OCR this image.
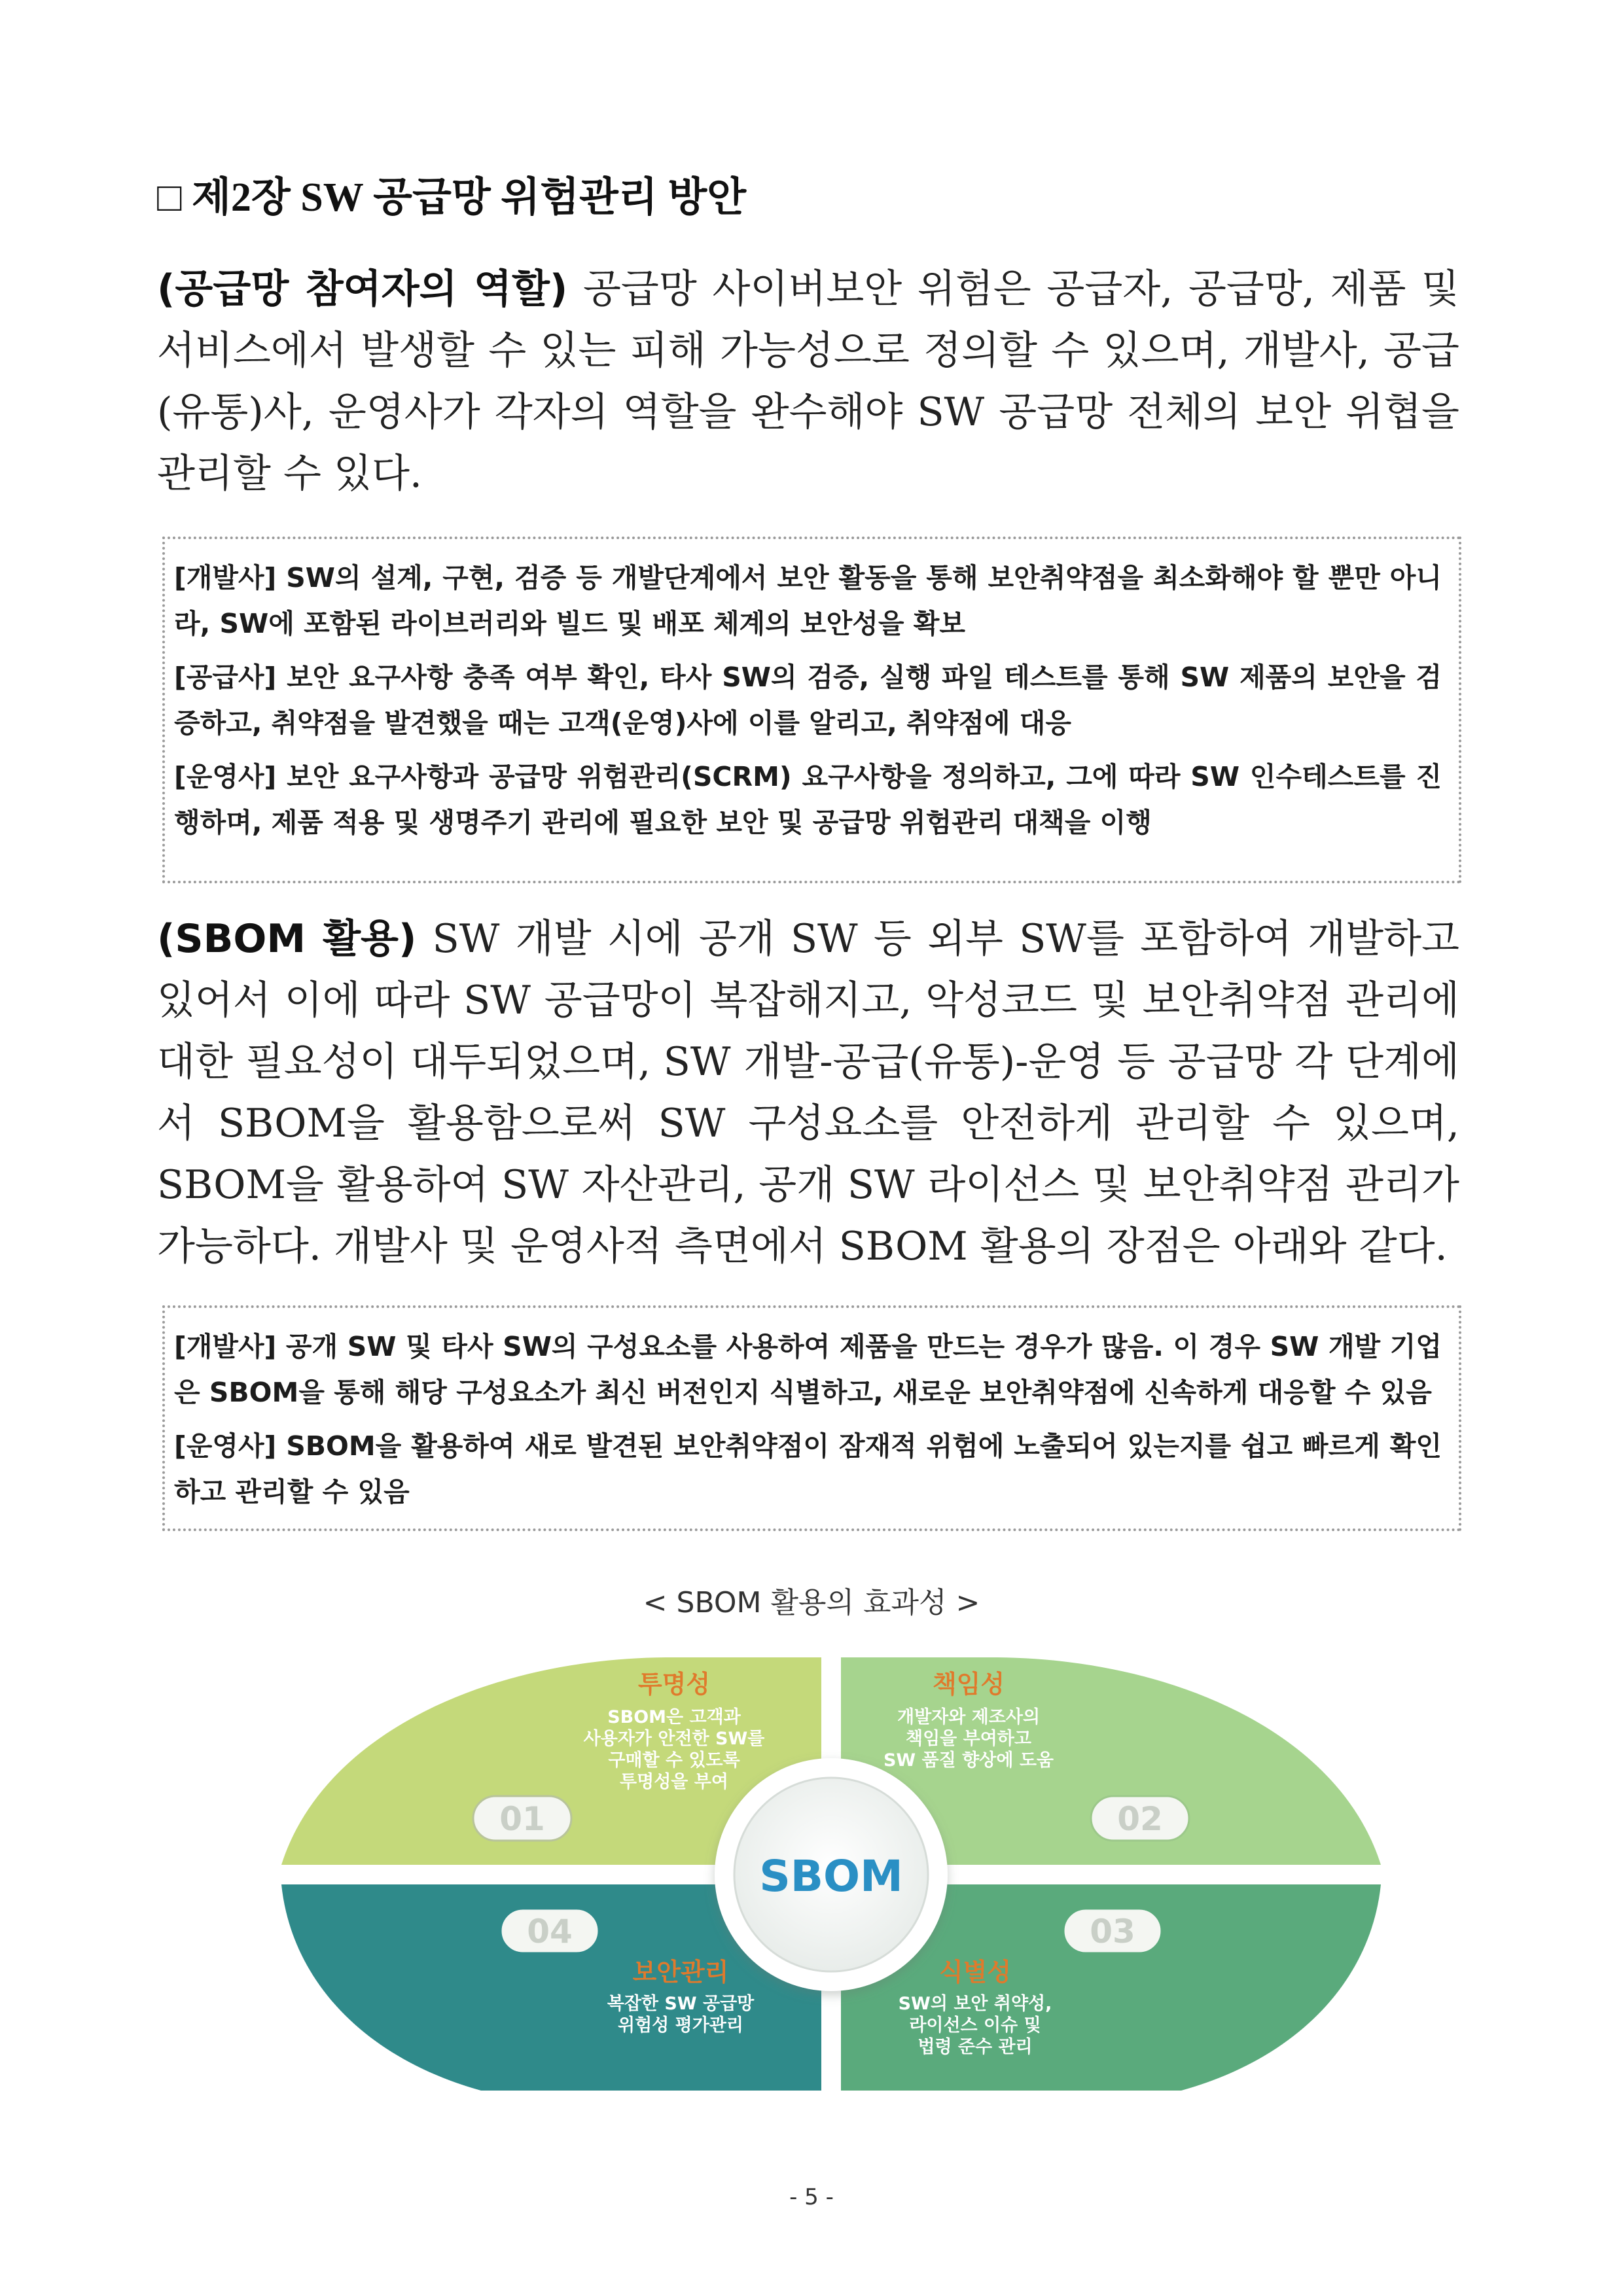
□ 제2장 SW 공급망 위험관리 방안
(공급망 참여자의 역할) 공급망 사이버보안 위험은 공급자, 공급망, 제품 및 서비스에서 발생할 수 있는 피해 가능성으로 정의할 수 있으며, 개발사, 공급(유통)사, 운영사가 각자의 역할을 완수해야 SW 공급망 전체의 보안 위협을 관리할 수 있다.

[개발사] SW의 설계, 구현, 검증 등 개발단계에서 보안 활동을 통해 보안취약점을 최소화해야 할 뿐만 아니라, SW에 포함된 라이브러리와 빌드 및 배포 체계의 보안성을 확보

[공급사] 보안 요구사항 충족 여부 확인, 타사 SW의 검증, 실행 파일 테스트를 통해 SW 제품의 보안을 검증하고, 취약점을 발견했을 때는 고객(운영)사에 이를 알리고, 취약점에 대응

[운영사] 보안 요구사항과 공급망 위험관리(SCRM) 요구사항을 정의하고, 그에 따라 SW 인수테스트를 진행하며, 제품 적용 및 생명주기 관리에 필요한 보안 및 공급망 위험관리 대책을 이행

(SBOM 활용) SW 개발 시에 공개 SW 등 외부 SW를 포함하여 개발하고 있어서 이에 따라 SW 공급망이 복잡해지고, 악성코드 및 보안취약점 관리에 대한 필요성이 대두되었으며, SW 개발-공급(유통)-운영 등 공급망 각 단계에서 SBOM을 활용함으로써 SW 구성요소를 안전하게 관리할 수 있으며, SBOM을 활용하여 SW 자산관리, 공개 SW 라이선스 및 보안취약점 관리가 가능하다. 개발사 및 운영사적 측면에서 SBOM 활용의 장점은 아래와 같다.

[개발사] 공개 SW 및 타사 SW의 구성요소를 사용하여 제품을 만드는 경우가 많음. 이 경우 SW 개발 기업은 SBOM을 통해 해당 구성요소가 최신 버전인지 식별하고, 새로운 보안취약점에 신속하게 대응할 수 있음

[운영사] SBOM을 활용하여 새로 발견된 보안취약점이 잠재적 위험에 노출되어 있는지를 쉽고 빠르게 확인하고 관리할 수 있음

< SBOM 활용의 효과성 >
SBOM
01	02
03
04
투명성
SBOM은 고객과
사용자가 안전한 SW를
구매할 수 있도록
투명성을 부여
책임성
개발자와 제조사의
책임을 부여하고
SW 품질 향상에 도움
식별성
SW의 보안 취약성,
라이선스 이슈 및
법령 준수 관리
보안관리
복잡한 SW 공급망
위험성 평가관리
- 5 -
